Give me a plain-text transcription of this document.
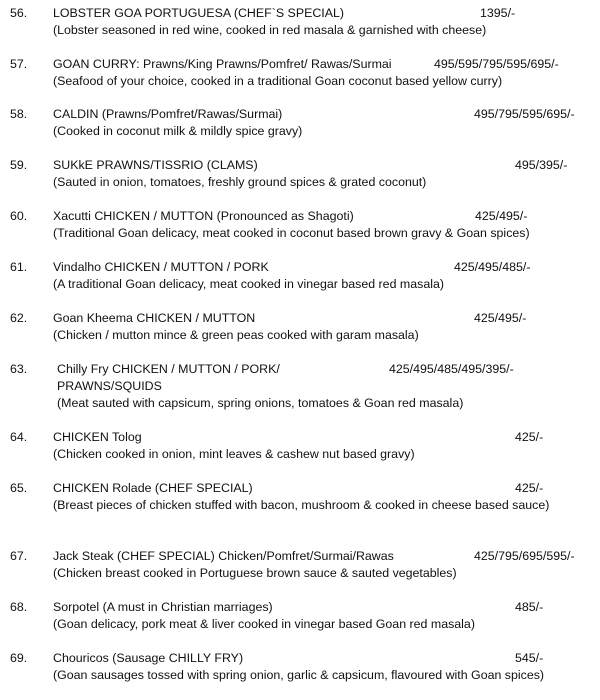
56. LOBSTER GOA PORTUGUESA (CHEF`S SPECIAL)	1395/-
(Lobster seasoned in red wine, cooked in red masala & garnished with cheese)
57. GOAN CURRY: Prawns/King Prawns/Pomfret/ Rawas/Surmai	495/595/795/595/695/-
(Seafood of your choice, cooked in a traditional Goan coconut based yellow curry)
58. CALDIN (Prawns/Pomfret/Rawas/Surmai)	495/795/595/695/-
(Cooked in coconut milk & mildly spice gravy)
59. SUKkE PRAWNS/TISSRIO (CLAMS)	495/395/-
(Sauted in onion, tomatoes, freshly ground spices & grated coconut)
60. Xacutti CHICKEN / MUTTON (Pronounced as Shagoti)	425/495/-
(Traditional Goan delicacy, meat cooked in coconut based brown gravy & Goan spices)
61. Vindalho CHICKEN / MUTTON / PORK	425/495/485/-
(A traditional Goan delicacy, meat cooked in vinegar based red masala)
62. Goan Kheema CHICKEN / MUTTON	425/495/-
(Chicken / mutton mince & green peas cooked with garam masala)
63. Chilly Fry CHICKEN / MUTTON / PORK/	425/495/485/495/395/-
PRAWNS/SQUIDS
(Meat sauted with capsicum, spring onions, tomatoes & Goan red masala)
64. CHICKEN Tolog	425/-
(Chicken cooked in onion, mint leaves & cashew nut based gravy)
65. CHICKEN Rolade (CHEF SPECIAL)	425/-
(Breast pieces of chicken stuffed with bacon, mushroom & cooked in cheese based sauce)
67. Jack Steak (CHEF SPECIAL) Chicken/Pomfret/Surmai/Rawas	425/795/695/595/-
(Chicken breast cooked in Portuguese brown sauce & sauted vegetables)
68. Sorpotel (A must in Christian marriages)	485/-
(Goan delicacy, pork meat & liver cooked in vinegar based Goan red masala)
69. Chouricos (Sausage CHILLY FRY)	545/-
(Goan sausages tossed with spring onion, garlic & capsicum, flavoured with Goan spices)
